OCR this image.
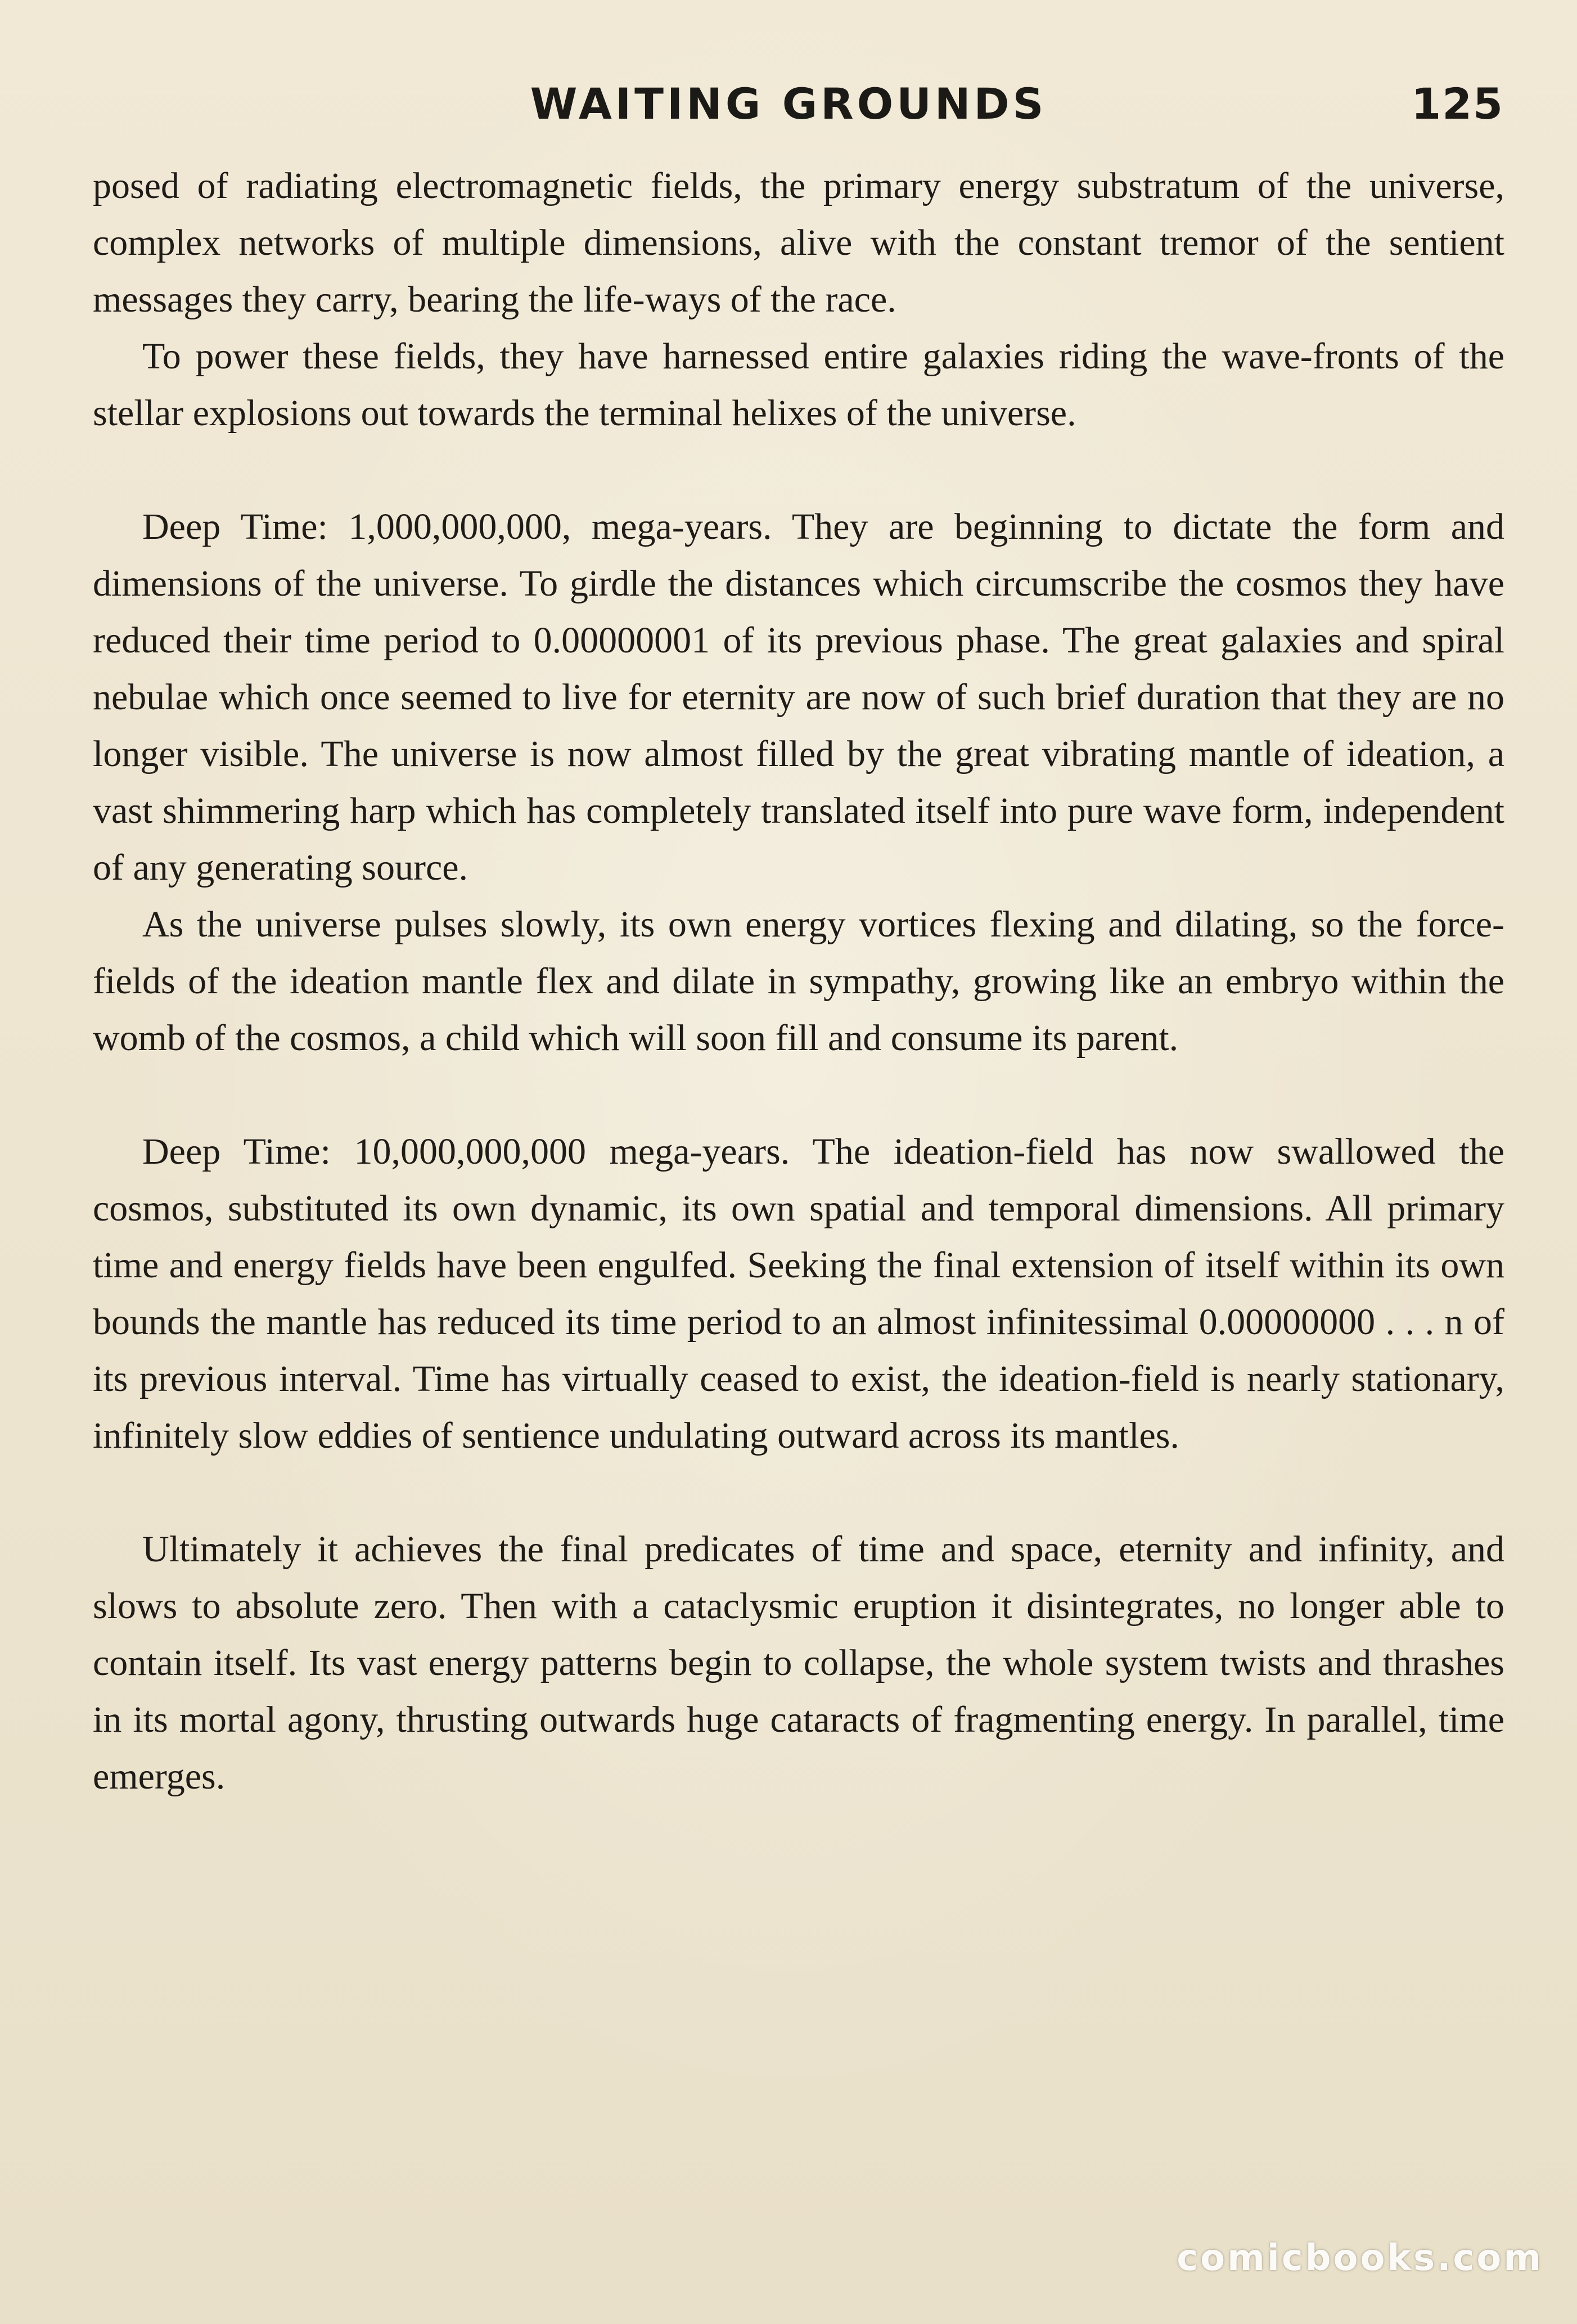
WAITING GROUNDS	125

posed of radiating electromagnetic fields, the primary energy substratum of the universe, complex networks of multiple dimensions, alive with the constant tremor of the sentient messages they carry, bearing the life-ways of the race.

To power these fields, they have harnessed entire galaxies riding the wave-fronts of the stellar explosions out towards the terminal helixes of the universe.

Deep Time: 1,000,000,000, mega-years. They are beginning to dictate the form and dimensions of the universe. To girdle the distances which circumscribe the cosmos they have reduced their time period to 0.00000001 of its previous phase. The great galaxies and spiral nebulae which once seemed to live for eternity are now of such brief duration that they are no longer visible. The universe is now almost filled by the great vibrating mantle of ideation, a vast shimmering harp which has completely translated itself into pure wave form, independent of any generating source.

As the universe pulses slowly, its own energy vortices flexing and dilating, so the force-fields of the ideation mantle flex and dilate in sympathy, growing like an embryo within the womb of the cosmos, a child which will soon fill and consume its parent.

Deep Time: 10,000,000,000 mega-years. The ideation-field has now swallowed the cosmos, substituted its own dynamic, its own spatial and temporal dimensions. All primary time and energy fields have been engulfed. Seeking the final extension of itself within its own bounds the mantle has reduced its time period to an almost infinitessimal 0.00000000 . . . n of its previous interval. Time has virtually ceased to exist, the ideation-field is nearly stationary, infinitely slow eddies of sentience undulating outward across its mantles.

Ultimately it achieves the final predicates of time and space, eternity and infinity, and slows to absolute zero. Then with a cataclysmic eruption it disintegrates, no longer able to contain itself. Its vast energy patterns begin to collapse, the whole system twists and thrashes in its mortal agony, thrusting outwards huge cataracts of fragmenting energy. In parallel, time emerges.

comicbooks.com
